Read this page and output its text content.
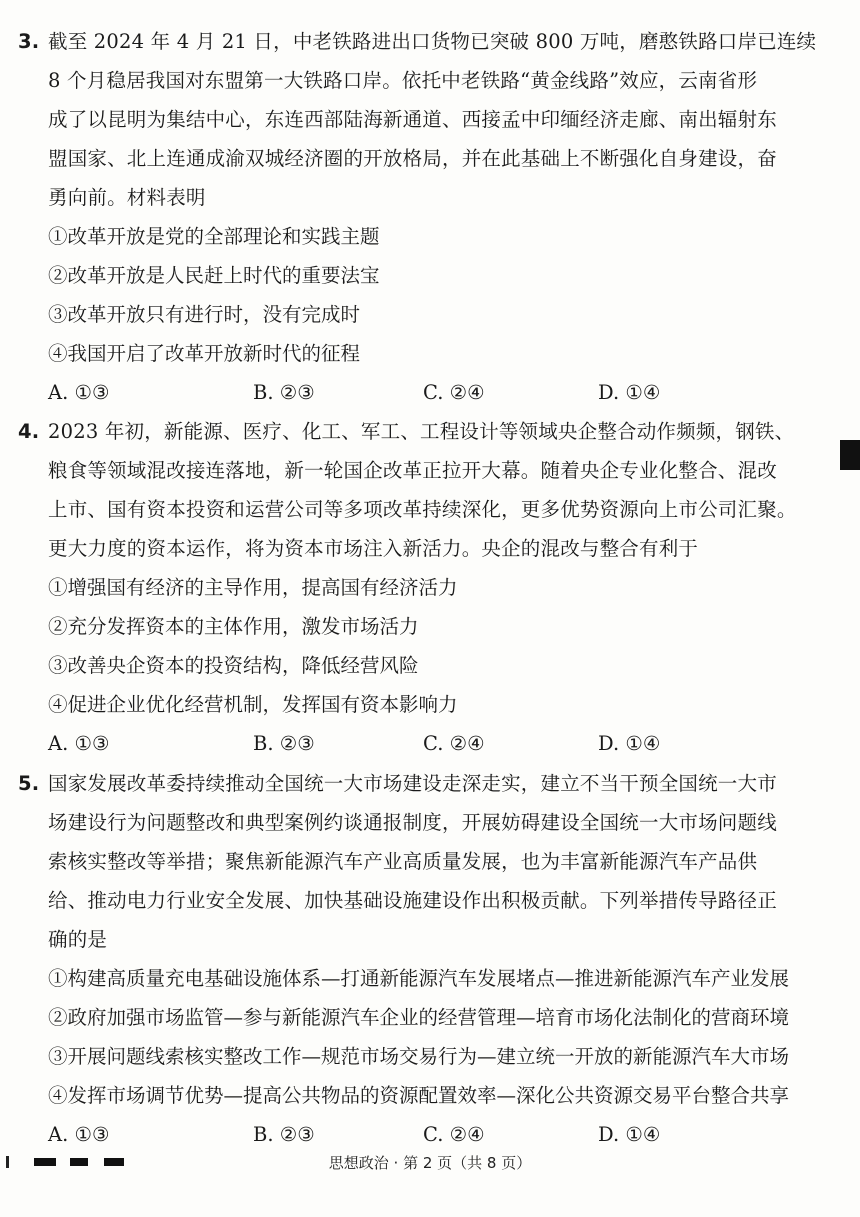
3. 截至 2024 年 4 月 21 日，中老铁路进出口货物已突破 800 万吨，磨憨铁路口岸已连续
8 个月稳居我国对东盟第一大铁路口岸。依托中老铁路“黄金线路”效应，云南省形
成了以昆明为集结中心，东连西部陆海新通道、西接孟中印缅经济走廊、南出辐射东
盟国家、北上连通成渝双城经济圈的开放格局，并在此基础上不断强化自身建设，奋
勇向前。材料表明
①改革开放是党的全部理论和实践主题
②改革开放是人民赶上时代的重要法宝
③改革开放只有进行时，没有完成时
④我国开启了改革开放新时代的征程
A. ①③	B. ②③	C. ②④	D. ①④
4. 2023 年初，新能源、医疗、化工、军工、工程设计等领域央企整合动作频频，钢铁、
粮食等领域混改接连落地，新一轮国企改革正拉开大幕。随着央企专业化整合、混改
上市、国有资本投资和运营公司等多项改革持续深化，更多优势资源向上市公司汇聚。
更大力度的资本运作，将为资本市场注入新活力。央企的混改与整合有利于
①增强国有经济的主导作用，提高国有经济活力
②充分发挥资本的主体作用，激发市场活力
③改善央企资本的投资结构，降低经营风险
④促进企业优化经营机制，发挥国有资本影响力
A. ①③	B. ②③	C. ②④	D. ①④
5. 国家发展改革委持续推动全国统一大市场建设走深走实，建立不当干预全国统一大市
场建设行为问题整改和典型案例约谈通报制度，开展妨碍建设全国统一大市场问题线
索核实整改等举措；聚焦新能源汽车产业高质量发展，也为丰富新能源汽车产品供
给、推动电力行业安全发展、加快基础设施建设作出积极贡献。下列举措传导路径正
确的是
①构建高质量充电基础设施体系—打通新能源汽车发展堵点—推进新能源汽车产业发展
②政府加强市场监管—参与新能源汽车企业的经营管理—培育市场化法制化的营商环境
③开展问题线索核实整改工作—规范市场交易行为—建立统一开放的新能源汽车大市场
④发挥市场调节优势—提高公共物品的资源配置效率—深化公共资源交易平台整合共享
A. ①③	B. ②③	C. ②④	D. ①④
思想政治 · 第 2 页（共 8 页）
